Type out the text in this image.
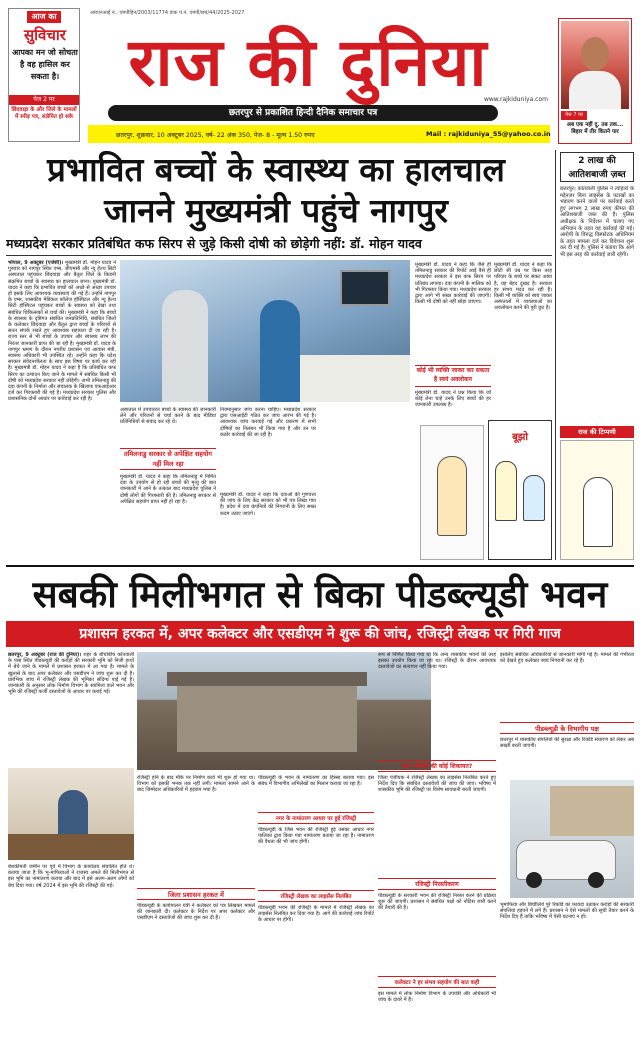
आज का
सुविचार
आपका मन जो सोचता है वह हासिल कर सकता है।
पेज 2 पर
छिंदवाड़ा के और जिले के मामलों में स्पीड़ पत्र, संज्ञेयित हो सके
आरएनआई नं.: एमपीहिन/2003/11774 डाक पं.नं. एमपी/छपं/44/2025-2027
राज की दुनिया
www.rajkiduniya.com
छतरपुर से प्रकाशित हिन्दी दैनिक समाचार पत्र
छतरपुर, शुक्रवार, 10 अक्टूबर 2025, वर्ष- 22 अंक 350, पेज- 8 - मूल्य 1.50 रुपए	Mail : rajkiduniya_55@yahoo.co.in
पेज 7 पर
अब एक नहीं दु. तब तक... बिहार में तीर कितने पार
प्रभावित बच्चों के स्वास्थ्य का हालचाल
जानने मुख्यमंत्री पहुंचे नागपुर
मध्यप्रदेश सरकार प्रतिबंधित कफ सिरप से जुड़े किसी दोषी को छोड़ेगी नहीं: डॉ. मोहन यादव
भोपाल, 9 अक्टूबर (एजेंसी)। मुख्यमंत्री डॉ. मोहन यादव ने गुरुवार को नागपुर स्थित एम्स, जीएमसी और न्यू हेल्थ सिटी अस्पताल पहुंचकर छिंदवाड़ा और बैतूल जिले के किडनी संक्रमित बच्चों के स्वास्थ्य का हालचाल जाना। मुख्यमंत्री डॉ. यादव ने कहा कि प्रभावित बच्चों को अच्छे से अच्छा उपचार हो इसके लिए आवश्यक व्यवस्थाएं की गई हैं। उन्होंने नागपुर के एम्स, शासकीय मेडिकल कॉलेज हॉस्पिटल और न्यू हेल्थ सिटी हॉस्पिटल पहुंचकर बच्चों के स्वास्थ्य को देखा तथा संबंधित चिकित्सकों से चर्चा की। मुख्यमंत्री ने कहा कि बच्चों के स्वास्थ्य के दृष्टिगत संबंधित जनप्रतिनिधि, संबंधित जिलों के कलेक्टर छिंदवाड़ा और बैतूल द्वारा बच्चों के परिवारों से सतत संपर्क रखते हुए आवश्यक सहायता दी जा रही है। राज्य स्तर से भी बच्चों के उपचार और स्वास्थ्य लाभ की निरंतर जानकारी प्राप्त की जा रही है। मुख्यमंत्री डॉ. यादव के नागपुर भ्रमण के दौरान नगरीय प्रशासन एवं आवास मंत्री, स्वास्थ्य अधिकारी भी उपस्थित रहे। उन्होंने कहा कि प्रदेश सरकार संवेदनशीलता के साथ इस विषय पर कार्य कर रही है। मुख्यमंत्री डॉ. मोहन यादव ने कहा है कि प्रतिबंधित कफ सिरप का उत्पादन किए जाने के मामले में संबंधित किसी भी दोषी को मध्यप्रदेश सरकार नहीं छोड़ेगी। अभी तमिलनाडु की दवा कंपनी के निर्माता और संचालक के खिलाफ एफआईआर दर्ज कर गिरफ्तारी की गई है। मध्यप्रदेश सरकार पुलिस और प्रशासनिक दोनों आधार पर कार्रवाई कर रही है।
अस्पताल में उपचाररत बच्चों के स्वास्थ्य की जानकारी लेने और परिजनों से चर्चा करने के बाद मीडिया प्रतिनिधियों से संवाद कर रहे थे।
तमिलनाडु सरकार से अपेक्षित सहयोग नहीं मिल रहा
मुख्यमंत्री डॉ. यादव ने कहा कि तमिलनाडु में निर्मित दवा के उपयोग से हो रही बच्चों की मृत्यु की बात जानकारी में आने के तत्काल बाद मध्यप्रदेश पुलिस ने दोषी लोगों की गिरफ्तारी की है। तमिलनाडु सरकार से अपेक्षित सहयोग प्राप्त नहीं हो रहा है।
नियमानुसार जांच करना चाहिए। मध्यप्रदेश सरकार द्वारा एसआईटी गठित कर जांच आरंभ की गई है। आवश्यक जांच करवाई गई और प्रकरण में सभी दोषियों का निलंबन भी किया गया है और उन पर कठोर कार्रवाई की जा रही है।
मुख्यमंत्री डॉ. यादव ने कहा कि दवाओं की गुणवत्ता की जांच के लिए केंद्र सरकार को भी पत्र लिखा गया है। प्रदेश में दवा कंपनियों की निगरानी के लिए सख्त कदम उठाए जाएंगे।
मुख्यमंत्री डॉ. यादव ने कहा कि जैसे ही तमिलनाडु सरकार की रिपोर्ट आई वैसे ही मध्यप्रदेश सरकार ने इस कफ सिरप पर प्रतिबंध लगाया। दवा कंपनी के मालिक को भी गिरफ्तार किया गया। मध्यप्रदेश सरकार द्वारा आगे भी सख्त कार्रवाई की जाएगी। किसी भी दोषी को नहीं छोड़ा जाएगा।
कोई भी व्यक्ति जाकर कर सकता है स्वयं अवलोकन
मुख्यमंत्री डॉ. यादव ने प्रश्न किया कि जो कोई लेना चाहे उनके लिए बच्चों की हर जानकारी उपलब्ध है।
मुख्यमंत्री डॉ. यादव ने कहा कि छोटी सी उम्र पर किस तरह परिवार के बच्चे पर संकट आया है, यह बेहद दुखद है। सरकार हर संभव मदद कर रही है। किसी भी व्यक्ति को स्वयं जाकर अस्पतालों में व्यवस्थाओं का अवलोकन करने की पूरी छूट है।
बूझो
2 लाख की आतिशबाजी ज़ब्त
छतरपुर। कोतवाली पुलिस ने त्योहारों के मद्देनजर बिना लाइसेंस के पटाखों का भंडारण करने वालों पर कार्रवाई करते हुए लगभग 2 लाख रुपए कीमत की आतिशबाजी जब्त की है। पुलिस अधीक्षक के निर्देशन में चलाए गए अभियान के तहत यह कार्रवाई की गई। आरोपी के विरुद्ध विस्फोटक अधिनियम के तहत मामला दर्ज कर विवेचना शुरू कर दी गई है। पुलिस ने बताया कि आगे भी इस तरह की कार्रवाई जारी रहेगी।
राज की टिप्पणी
सबकी मिलीभगत से बिका पीडब्ल्यूडी भवन
प्रशासन हरकत में, अपर कलेक्टर और एसडीएम ने शुरू की जांच, रजिस्ट्री लेखक पर गिरी गाज
छतरपुर, 9 अक्टूबर (राज की दुनिया)। शहर के बीचोंबीच कोतवाली के पास स्थित पीडब्ल्यूडी की करोड़ों की सरकारी भूमि को निजी हाथों में बेचे जाने के मामले में प्रशासन हरकत में आ गया है। मामले के खुलासे के बाद अपर कलेक्टर और एसडीएम ने जांच शुरू कर दी है। प्रारंभिक जांच में रजिस्ट्री लेखक की भूमिका संदिग्ध पाई गई है। जानकारी के अनुसार लोक निर्माण विभाग के स्वामित्व वाले भवन और भूमि की रजिस्ट्री फर्जी दस्तावेजों के आधार पर कराई गई।
बेशकीमती जमीन पर पूर्व में विभाग के कार्यालय संचालित होते थे। बताया जाता है कि भू-माफियाओं ने राजस्व अमले की मिलीभगत से इस भूमि का नामांतरण कराया और बाद में इसे अलग-अलग लोगों को बेच दिया गया। वर्ष 2024 में इस भूमि की रजिस्ट्री की गई।
रजिस्ट्री होने के बाद मौके पर निर्माण कार्य भी शुरू हो गया था। विभाग को इसकी भनक तक नहीं लगी। मामला सामने आने के बाद जिम्मेदार अधिकारियों में हड़कंप मचा है।
जिला प्रशासन हरकत में
पीडब्ल्यूडी के कार्यपालन यंत्री ने कलेक्टर को पत्र लिखकर मामले की जानकारी दी। कलेक्टर के निर्देश पर अपर कलेक्टर और एसडीएम ने दस्तावेजों की जांच शुरू कर दी है।
पीडब्ल्यूडी के भवन के नामांतरण का हिस्सा बताया गया। इस संबंध में विभागीय अभिलेखों का मिलान कराया जा रहा है।
नगर के नामांतरण आधार पर हुई रजिस्ट्री
पीडब्ल्यूडी के जिस भवन की रजिस्ट्री हुई उसका आधार नगर पालिका द्वारा किया गया नामांतरण बताया जा रहा है। नामांतरण की वैधता की भी जांच होगी।
रजिस्ट्री लेखक का लाइसेंस निलंबित
पीडब्ल्यूडी भवन की रजिस्ट्री के मामले में रजिस्ट्री लेखक का लाइसेंस निलंबित कर दिया गया है। आगे की कार्रवाई जांच रिपोर्ट के आधार पर होगी।
रूप से निर्मित किया गया था कि अन्य शासकीय भवनों की तरह इसका उपयोग किया जा रहा था। रजिस्ट्री के दौरान आवश्यक दस्तावेजों का सत्यापन नहीं किया गया।
कहां रजिस्ट्री की कोई शिकायत?
जिला पंजीयक ने रजिस्ट्री लेखक का लाइसेंस निलंबित करते हुए निर्देश दिए कि संबंधित दस्तावेजों की जांच की जाए। भविष्य में शासकीय भूमि की रजिस्ट्री पर विशेष सावधानी बरती जाएगी।
रजिस्ट्री निरस्तीकरण
पीडब्ल्यूडी के सरकारी भवन की रजिस्ट्री निरस्त करने की प्रक्रिया शुरू की जाएगी। प्रशासन ने संबंधित पक्षों को नोटिस जारी करने की तैयारी की है।
कलेक्टर ने हर संभव सहयोग की बात कही
इस मामले में लोक निर्माण विभाग के उपयंत्री और अधिकारी भी जांच के दायरे में हैं।
इसलिए संबंधित अधिकारियों से जानकारी मांगी गई है। मामले की गंभीरता को देखते हुए कलेक्टर स्वयं निगरानी कर रहे हैं।
पीडब्ल्यूडी के विभागीय पक्ष
छतरपुर में शासकीय संपत्तियों की सुरक्षा और रिकॉर्ड संधारण को लेकर अब सख्ती बरती जाएगी।
भूमाफिया और बिचौलिये पूरे रिकॉर्ड का फायदा उठाकर करोड़ों की सरकारी संपत्तियां हड़पने में लगे हैं। प्रशासन ने ऐसे मामलों की सूची तैयार करने के निर्देश दिए हैं ताकि भविष्य में ऐसी घटनाएं न हों।
